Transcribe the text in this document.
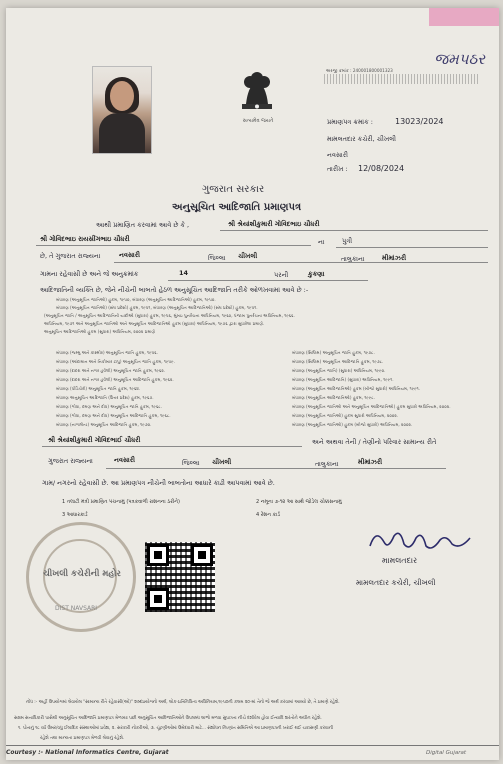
જમપઠર
અરજી ક્રમાંક : 240001800001323
સત્યમેવ જયતે	પ્રમાણપત્ર ક્રમાંક :	13023/2024
મામલતદાર કચેરી, ચીખલી
નવસારી
તારીખ : 12/08/2024
ગુજરાત સરકાર
અનુસૂચિત આદિજાતિ પ્રમાણપત્ર
આથી પ્રમાણિત કરવામાં આવે છે કે ,	શ્રી શ્રેયાંશીકુમારી ગોવિંદભાઇ ચૌધરી
શ્રી ગોવિંદભાઇ રાયસીંગભાઇ ચૌધરી	ના	પુત્રી
છે, તે ગુજરાત રાજ્યના	નવસારી	જિલ્લા ચીખલી	તાલુકાના	મીમાંઝરી
ગામના રહેવાસી છે અને જે અનુક્રમાંક	14	પરની	કુકણા
આદિજાતિની વ્યક્તિ છે, જેને નીચેની બાબતો હેઠળ અનુસૂચિત આદિજાતિ તરીકે ઓળખવામાં આવે છે :-
બંધારણ (અનુસૂચિત જાતિઓ) હુકમ, ૧૯૫૦, બંધારણ (અનુસૂચિત આદિજાતિઓ) હુકમ, ૧૯૫૦.
બંધારણ (અનુસૂચિત જાતિઓ) (સંઘ પ્રદેશો) હુકમ, ૧૯૫૧, બંધારણ (અનુસૂચિત આદિજાતિઓ) (સંઘ પ્રદેશો) હુકમ, ૧૯૫૧.
(અનુસૂચિત જાતિ / અનુસૂચિત આદિજાતિની યાદીઓ (સુધારા) હુકમ, ૧૯૫૬, મુંબઇ પુનર્રચના અધિનિયમ, ૧૯૬૦, પંજાબ પુનર્રચના અધિનિયમ, ૧૯૬૬.
અધિનિયમ, ૧૯૭૧ અને અનુસૂચિત જાતિઓ અને અનુસૂચિત આદિજાતિઓ હુકમ (સુધારા) અધિનિયમ, ૧૯૭૬ દ્વારા સુધારેલા પ્રમાણે.
અનુસૂચિત આદિજાતિઓ હુકમ (સુધારા) અધિનિયમ, ૨૦૦૨ પ્રમાણે
બંધારણ (જમ્મુ અને કાશ્મીર) અનુસૂચિત જાતિ હુકમ, ૧૯૫૬.
બંધારણ (આંદામાન અને નિકોબાર ટાપુ) અનુસૂચિત જાતિ હુકમ, ૧૯૫૯.
બંધારણ (દાદરા અને નગર હવેલી) અનુસૂચિત જાતિ હુકમ, ૧૯૬૨.
બંધારણ (દાદરા અને નગર હવેલી) અનુસૂચિત આદિજાતિ હુકમ, ૧૯૬૨.
બંધારણ (પોંડિચેરી) અનુસૂચિત જાતિ હુકમ, ૧૯૬૪.
બંધારણ અનુસૂચિત આદિજાતિ (ઉત્તર પ્રદેશ) હુકમ, ૧૯૬૭.
બંધારણ (ગોવા, દમણ અને દીવ) અનુસૂચિત જાતિ હુકમ, ૧૯૬૮.
બંધારણ (ગોવા, દમણ અને દીવ) અનુસૂચિત આદિજાતિ હુકમ, ૧૯૬૮.
બંધારણ (નાગાલેન્ડ) અનુસૂચિત આદિજાતિ હુકમ, ૧૯૭૦.
બંધારણ (સિક્કિમ) અનુસૂચિત જાતિ હુકમ, ૧૯૭૮.
બંધારણ (સિક્કિમ) અનુસૂચિત આદિજાતિ હુકમ, ૧૯૭૮.
બંધારણ (અનુસૂચિત જાતિ) (સુધારા) અધિનિયમ, ૧૯૯૦.
બંધારણ (અનુસૂચિત આદિજાતિ) (સુધારા) અધિનિયમ, ૧૯૯૧.
બંધારણ (અનુસૂચિત આદિજાતિઓ) હુકમ (બીજો સુધારો) અધિનિયમ, ૧૯૯૧.
બંધારણ (અનુસૂચિત આદિજાતિઓ) હુકમ, ૧૯૯૮.
બંધારણ (અનુસૂચિત જાતિઓ અને અનુસૂચિત આદિજાતિઓ) હુકમ સુધારો અધિનિયમ, ૨૦૦૨.
બંધારણ (અનુસૂચિત જાતિઓ) હુકમ સુધારો અધિનિયમ, ૨૦૦૨.
બંધારણ (અનુસૂચિત જાતિઓ) હુકમ (બીજો સુધારો) અધિનિયમ, ૨૦૦૨.
શ્રી શ્રેયાંશીકુમારી ગોવિંદભાઈ ચૌધરી	અને અથવા તેની / તેણીનો પરિવાર સામાન્ય રીતે
ગુજરાત રાજ્યના	નવસારી	જિલ્લા ચીખલી	તાલુકાના	મીમાંઝરી
ગામ/ નગરનો રહેવાસી છે. આ પ્રમાણપત્ર નીચેની બાબતોના આધારે કાઢી આપવામાં આવે છે.
1 તલાટી મંત્રી પ્રમાણિત પંચનામું (પત્રકવાળી રાશનના ઠરીને)	2 નમૂના ૭-૧૨ આ સાથે જોડેલ ચોક્કસનામું
3 આધારકાર્ડ	4 રેશન કાર્ડ
ચીખલી કચેરીની મહોર
DIST NAVSARI
મામલતદાર
મામલતદાર કચેરી, ચીખલી
નોંધ :- અહીં ઉપયોગમાં લેવાયેલ "સામાન્ય રીતે રહેવાસી(ઓ)" શબ્દપ્રયોગનો અર્થ, લોક-પ્રતિનિધિત્વ અધિનિયમ,૧૯૫૦ની કલમ ૨૦-માં તેનો જે અર્થ કરવામાં આવ્યો છે, તે પ્રમાણે રહેશે.
સક્ષમ સત્તાધિકારી પાસેથી અનુસૂચિત આદિજાતિ પ્રમાણપત્ર મેળવ્યા પછી અનુસૂચિત આદિજાતિઓને ઉપલબ્ધ લાભો મળવા સુપાત્રતા નીચે દર્શાવેલ હોવા ઈત્યાદિ શરતોને અધીન રહેશે.
૧. પોતાનું ૧૮ વર્ષ ઉંમર/વધુ ઈલાદિક સંસ્થાઓમાં પ્રવેશ, ૨. સરકારી નોકરીઓ, ૩. ચૂંટણીઓમાં ઉમેદવારી માટે... સંશોધન નિષ્ણાંત સમિતિએ આ પ્રમાણપત્રની ખરાઈ થઈ ચકાસણી કરવાની
રહેશે તથા માન્યતા પ્રમાણપત્ર મેળવી લેવાનું રહેશે.
Courtesy :- National Informatics Centre, Gujarat	Digital Gujarat
